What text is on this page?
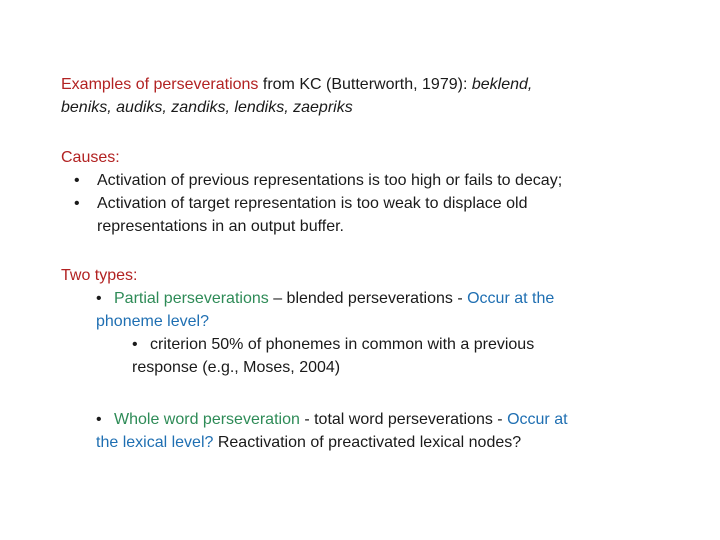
Examples of perseverations from KC (Butterworth, 1979): beklend,
beniks, audiks, zandiks, lendiks, zaepriks
Causes:
• Activation of previous representations is too high or fails to decay;
• Activation of target representation is too weak to displace old
representations in an output buffer.
Two types:
• Partial perseverations – blended perseverations - Occur at the
phoneme level?
• criterion 50% of phonemes in common with a previous
response (e.g., Moses, 2004)
• Whole word perseveration - total word perseverations - Occur at
the lexical level? Reactivation of preactivated lexical nodes?
